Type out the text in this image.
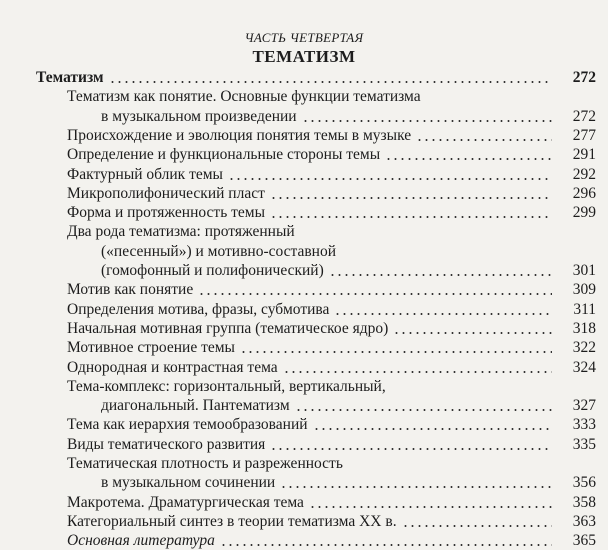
ЧАСТЬ ЧЕТВЕРТАЯ
ТЕМАТИЗМ
Тематизм	272
Тематизм как понятие. Основные функции тематизма
в музыкальном произведении	272
Происхождение и эволюция понятия темы в музыке	277
Определение и функциональные стороны темы	291
Фактурный облик темы	292
Микрополифонический пласт	296
Форма и протяженность темы	299
Два рода тематизма: протяженный
(«песенный») и мотивно-составной
(гомофонный и полифонический)	301
Мотив как понятие	309
Определения мотива, фразы, субмотива	311
Начальная мотивная группа (тематическое ядро)	318
Мотивное строение темы	322
Однородная и контрастная тема	324
Тема-комплекс: горизонтальный, вертикальный,
диагональный. Пантематизм	327
Тема как иерархия темообразований	333
Виды тематического развития	335
Тематическая плотность и разреженность
в музыкальном сочинении	356
Макротема. Драматургическая тема	358
Категориальный синтез в теории тематизма XX в.	363
Основная литература	365
